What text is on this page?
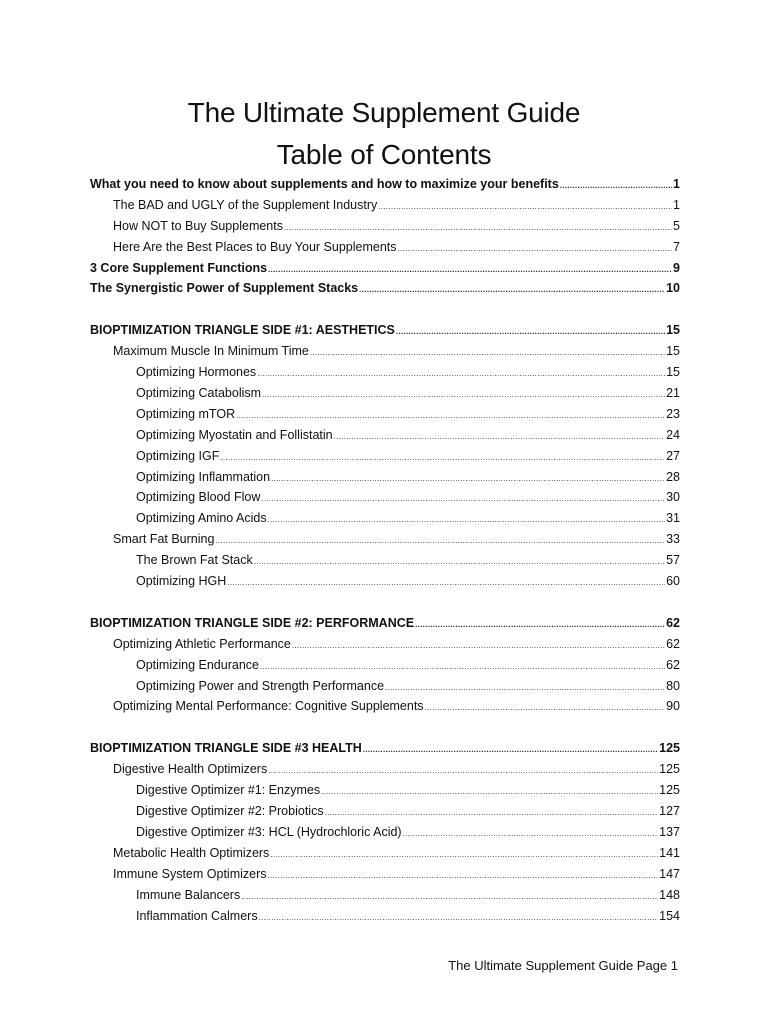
The Ultimate Supplement Guide
Table of Contents
What you need to know about supplements and how to maximize your benefits .....	1
The BAD and UGLY of the Supplement Industry .....	1
How NOT to Buy Supplements .....	5
Here Are the Best Places to Buy Your Supplements .....	7
3 Core Supplement Functions .....	9
The Synergistic Power of Supplement Stacks .....	10
BIOPTIMIZATION TRIANGLE SIDE #1: AESTHETICS .....	15
Maximum Muscle In Minimum Time .....	15
Optimizing Hormones .....	15
Optimizing Catabolism .....	21
Optimizing mTOR .....	23
Optimizing Myostatin and Follistatin .....	24
Optimizing IGF .....	27
Optimizing Inflammation .....	28
Optimizing Blood Flow .....	30
Optimizing Amino Acids .....	31
Smart Fat Burning .....	33
The Brown Fat Stack .....	57
Optimizing HGH .....	60
BIOPTIMIZATION TRIANGLE SIDE #2: PERFORMANCE .....	62
Optimizing Athletic Performance .....	62
Optimizing Endurance .....	62
Optimizing Power and Strength Performance .....	80
Optimizing Mental Performance: Cognitive Supplements .....	90
BIOPTIMIZATION TRIANGLE SIDE #3 HEALTH .....	125
Digestive Health Optimizers .....	125
Digestive Optimizer #1: Enzymes .....	125
Digestive Optimizer #2: Probiotics .....	127
Digestive Optimizer #3: HCL (Hydrochloric Acid) .....	137
Metabolic Health Optimizers .....	141
Immune System Optimizers .....	147
Immune Balancers .....	148
Inflammation Calmers .....	154
The Ultimate Supplement Guide Page 1
